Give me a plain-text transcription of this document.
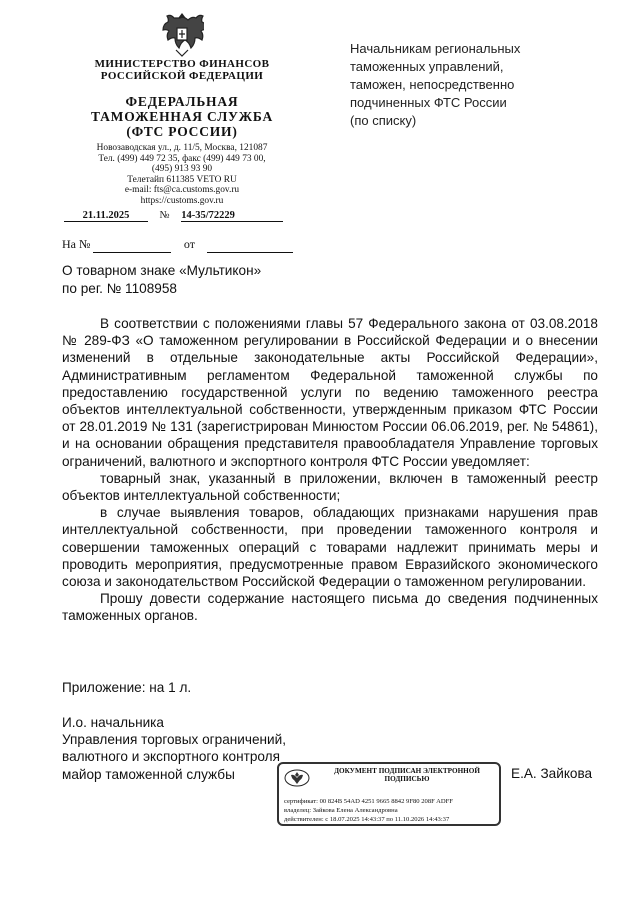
МИНИСТЕРСТВО ФИНАНСОВ
РОССИЙСКОЙ ФЕДЕРАЦИИ
ФЕДЕРАЛЬНАЯ
ТАМОЖЕННАЯ СЛУЖБА
(ФТС РОССИИ)
Новозаводская ул., д. 11/5, Москва, 121087
Тел. (499) 449 72 35, факс (499) 449 73 00,
(495) 913 93 90
Телетайп 611385 VETO RU
e-mail: fts@ca.customs.gov.ru
https://customs.gov.ru
21.11.2025	№ 14-35/72229
На №	от
Начальникам региональных
таможенных управлений,
таможен, непосредственно
подчиненных ФТС России
(по списку)
О товарном знаке «Мультикон»
по рег. № 1108958

В соответствии с положениями главы 57 Федерального закона от 03.08.2018 № 289-ФЗ «О таможенном регулировании в Российской Федерации и о внесении изменений в отдельные законодательные акты Российской Федерации», Административным регламентом Федеральной таможенной службы по предоставлению государственной услуги по ведению таможенного реестра объектов интеллектуальной собственности, утвержденным приказом ФТС России от 28.01.2019 № 131 (зарегистрирован Минюстом России 06.06.2019, рег. № 54861), и на основании обращения представителя правообладателя Управление торговых ограничений, валютного и экспортного контроля ФТС России уведомляет:

товарный знак, указанный в приложении, включен в таможенный реестр объектов интеллектуальной собственности;

в случае выявления товаров, обладающих признаками нарушения прав интеллектуальной собственности, при проведении таможенного контроля и совершении таможенных операций с товарами надлежит принимать меры и проводить мероприятия, предусмотренные правом Евразийского экономического союза и законодательством Российской Федерации о таможенном регулировании.

Прошу довести содержание настоящего письма до сведения подчиненных таможенных органов.

Приложение: на 1 л.
И.о. начальника
Управления торговых ограничений,
валютного и экспортного контроля
майор таможенной службы	ДОКУМЕНТ ПОДПИСАН ЭЛЕКТРОННОЙ
ПОДПИСЬЮ
сертификат: 00 824B 54AD 4251 9665 8842 9F80 208F ADFF
владелец: Зайкова Елена Александровна
действителен: с 18.07.2025 14:43:37 по 11.10.2026 14:43:37
Е.А. Зайкова
